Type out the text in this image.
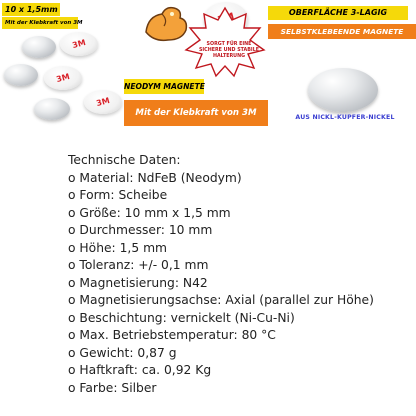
10 x 1,5mm
Mit der Klebkraft von 3M
3M
3M
3M
SORGT FÜR EINE SICHERE UND STABILE HALTERUNG
OBERFLÄCHE 3-LAGIG
SELBSTKLEBEENDE MAGNETE
NEODYM MAGNETE
Mit der Klebkraft von 3M	AUS NICKL-KUPFER-NICKEL
Technische Daten:
o Material: NdFeB (Neodym)
o Form: Scheibe
o Größe: 10 mm x 1,5 mm
o Durchmesser: 10 mm
o Höhe: 1,5 mm
o Toleranz: +/- 0,1 mm
o Magnetisierung: N42
o Magnetisierungsachse: Axial (parallel zur Höhe)
o Beschichtung: vernickelt (Ni-Cu-Ni)
o Max. Betriebstemperatur: 80 °C
o Gewicht: 0,87 g
o Haftkraft: ca. 0,92 Kg
o Farbe: Silber
